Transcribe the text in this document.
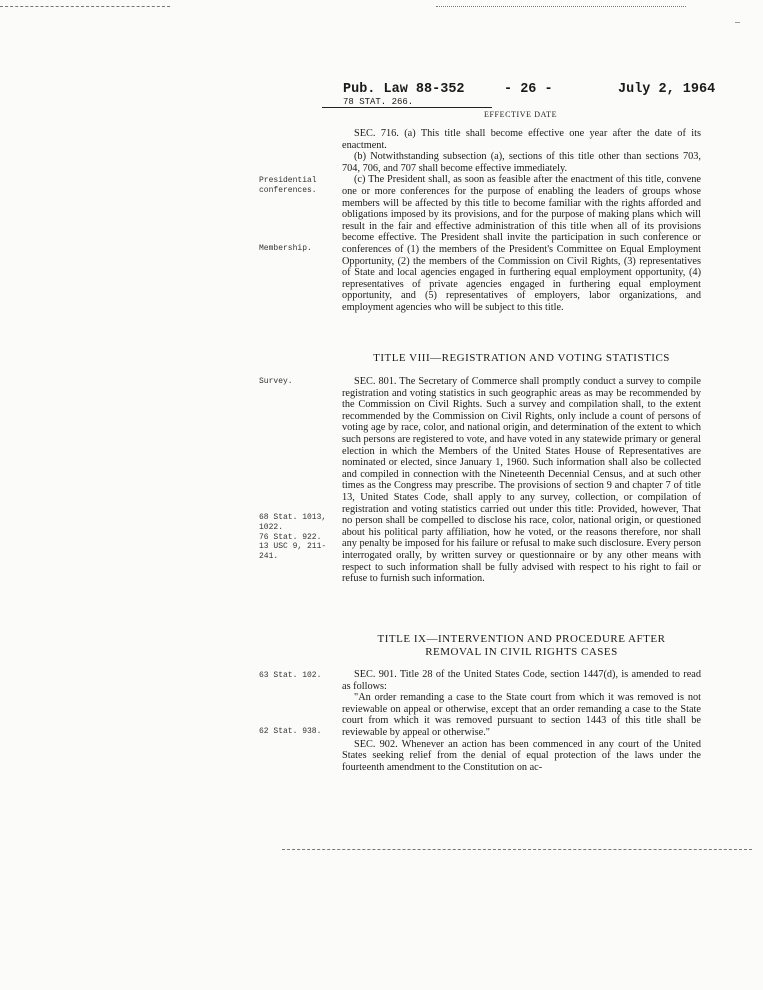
Pub. Law 88-352	- 26 -	July 2, 1964
78 STAT. 266.
EFFECTIVE DATE

SEC. 716. (a) This title shall become effective one year after the date of its enactment.

(b) Notwithstanding subsection (a), sections of this title other than sections 703, 704, 706, and 707 shall become effective immediately.

(c) The President shall, as soon as feasible after the enactment of this title, convene one or more conferences for the purpose of enabling the leaders of groups whose members will be affected by this title to become familiar with the rights afforded and obligations imposed by its provisions, and for the purpose of making plans which will result in the fair and effective administration of this title when all of its provisions become effective. The President shall invite the participation in such conference or conferences of (1) the members of the President's Committee on Equal Employment Opportunity, (2) the members of the Commission on Civil Rights, (3) representatives of State and local agencies engaged in furthering equal employment opportunity, (4) representatives of private agencies engaged in furthering equal employment opportunity, and (5) representatives of employers, labor organizations, and employment agencies who will be subject to this title.

TITLE VIII—REGISTRATION AND VOTING STATISTICS

SEC. 801. The Secretary of Commerce shall promptly conduct a survey to compile registration and voting statistics in such geographic areas as may be recommended by the Commission on Civil Rights. Such a survey and compilation shall, to the extent recommended by the Commission on Civil Rights, only include a count of persons of voting age by race, color, and national origin, and determination of the extent to which such persons are registered to vote, and have voted in any statewide primary or general election in which the Members of the United States House of Representatives are nominated or elected, since January 1, 1960. Such information shall also be collected and compiled in connection with the Nineteenth Decennial Census, and at such other times as the Congress may prescribe. The provisions of section 9 and chapter 7 of title 13, United States Code, shall apply to any survey, collection, or compilation of registration and voting statistics carried out under this title: Provided, however, That no person shall be compelled to disclose his race, color, national origin, or questioned about his political party affiliation, how he voted, or the reasons therefore, nor shall any penalty be imposed for his failure or refusal to make such disclosure. Every person interrogated orally, by written survey or questionnaire or by any other means with respect to such information shall be fully advised with respect to his right to fail or refuse to furnish such information.

TITLE IX—INTERVENTION AND PROCEDURE AFTER
REMOVAL IN CIVIL RIGHTS CASES

SEC. 901. Title 28 of the United States Code, section 1447(d), is amended to read as follows:

"An order remanding a case to the State court from which it was removed is not reviewable on appeal or otherwise, except that an order remanding a case to the State court from which it was removed pursuant to section 1443 of this title shall be reviewable by appeal or otherwise."

SEC. 902. Whenever an action has been commenced in any court of the United States seeking relief from the denial of equal protection of the laws under the fourteenth amendment to the Constitution on ac-

Presidential
conferences.
Membership.
Survey.
68 Stat. 1013,
1022.
76 Stat. 922.
13 USC 9, 211-
241.
63 Stat. 102.
62 Stat. 938.
